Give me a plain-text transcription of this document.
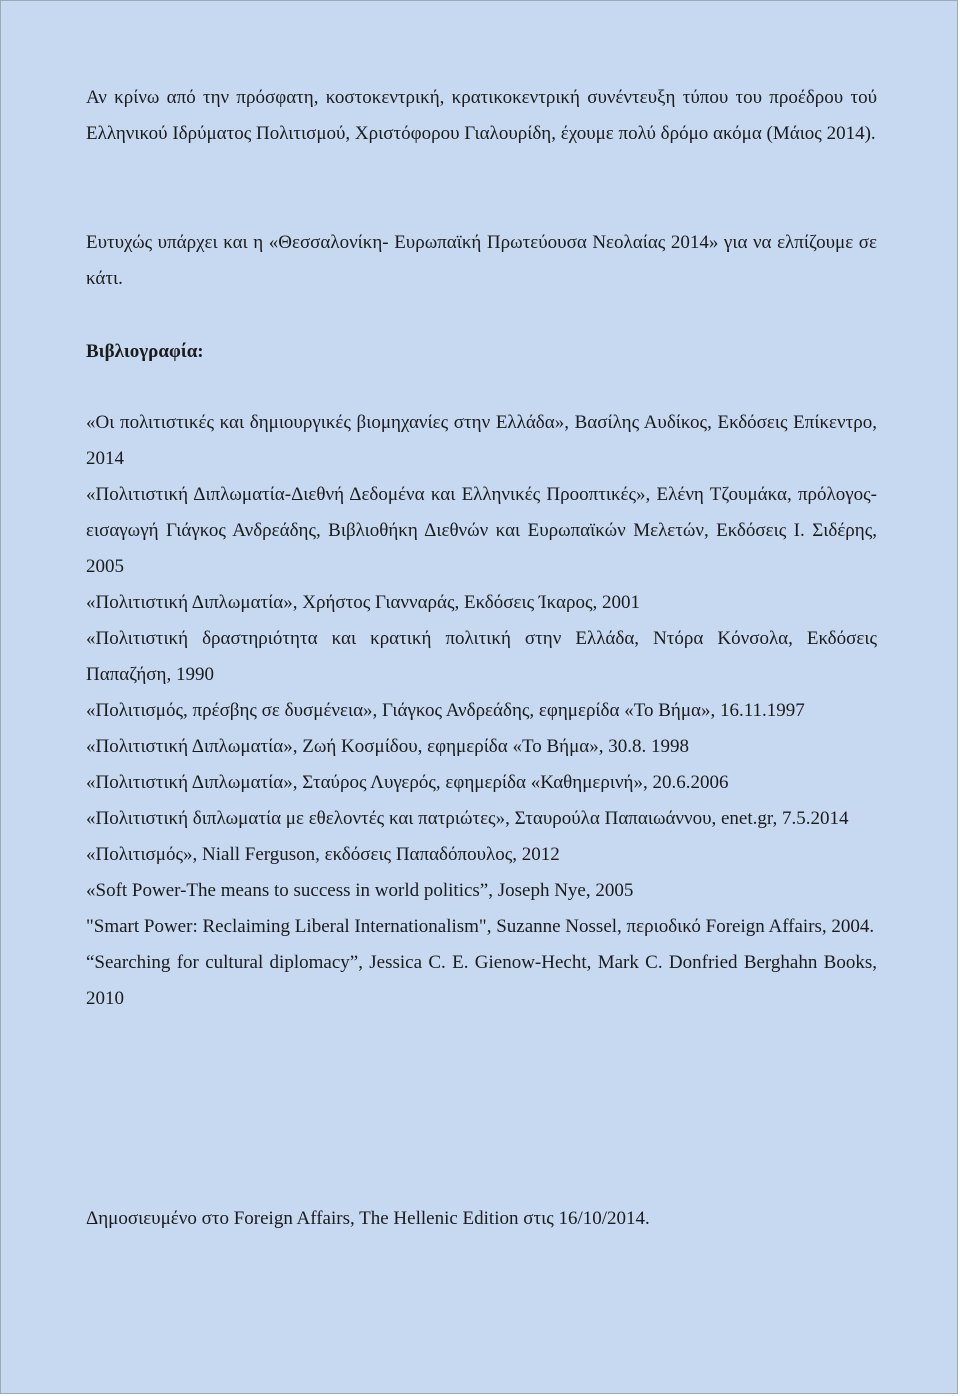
Αν κρίνω από την πρόσφατη, κοστοκεντρική, κρατικοκεντρική συνέντευξη τύπου του προέδρου τού Ελληνικού Ιδρύματος Πολιτισμού, Χριστόφορου Γιαλουρίδη, έχουμε πολύ δρόμο ακόμα (Μάιος 2014).

Ευτυχώς υπάρχει και η «Θεσσαλονίκη- Ευρωπαϊκή Πρωτεύουσα Νεολαίας 2014» για να ελπίζουμε σε κάτι.

Βιβλιογραφία:

«Οι πολιτιστικές και δημιουργικές βιομηχανίες στην Ελλάδα», Βασίλης Αυδίκος, Εκδόσεις Επίκεντρο, 2014

«Πολιτιστική Διπλωματία-Διεθνή Δεδομένα και Ελληνικές Προοπτικές», Ελένη Τζουμάκα, πρόλογος-εισαγωγή Γιάγκος Ανδρεάδης, Βιβλιοθήκη Διεθνών και Ευρωπαϊκών Μελετών, Εκδόσεις Ι. Σιδέρης, 2005

«Πολιτιστική Διπλωματία», Χρήστος Γιανναράς, Εκδόσεις Ίκαρος, 2001

«Πολιτιστική δραστηριότητα και κρατική πολιτική στην Ελλάδα, Ντόρα Κόνσολα, Εκδόσεις Παπαζήση, 1990

«Πολιτισμός, πρέσβης σε δυσμένεια», Γιάγκος Ανδρεάδης, εφημερίδα «Το Βήμα», 16.11.1997

«Πολιτιστική Διπλωματία», Ζωή Κοσμίδου, εφημερίδα «Το Βήμα», 30.8. 1998

«Πολιτιστική Διπλωματία», Σταύρος Λυγερός, εφημερίδα «Καθημερινή», 20.6.2006

«Πολιτιστική διπλωματία με εθελοντές και πατριώτες», Σταυρούλα Παπαιωάννου, enet.gr, 7.5.2014

«Πολιτισμός», Niall Ferguson, εκδόσεις Παπαδόπουλος, 2012

«Soft Power-The means to success in world politics”, Joseph Nye, 2005

"Smart Power: Reclaiming Liberal Internationalism", Suzanne Nossel, περιοδικό Foreign Affairs, 2004.

“Searching for cultural diplomacy”, Jessica C. E. Gienow-Hecht, Mark C. Donfried Berghahn Books, 2010

Δημοσιευμένο στο Foreign Affairs, The Hellenic Edition στις 16/10/2014.
